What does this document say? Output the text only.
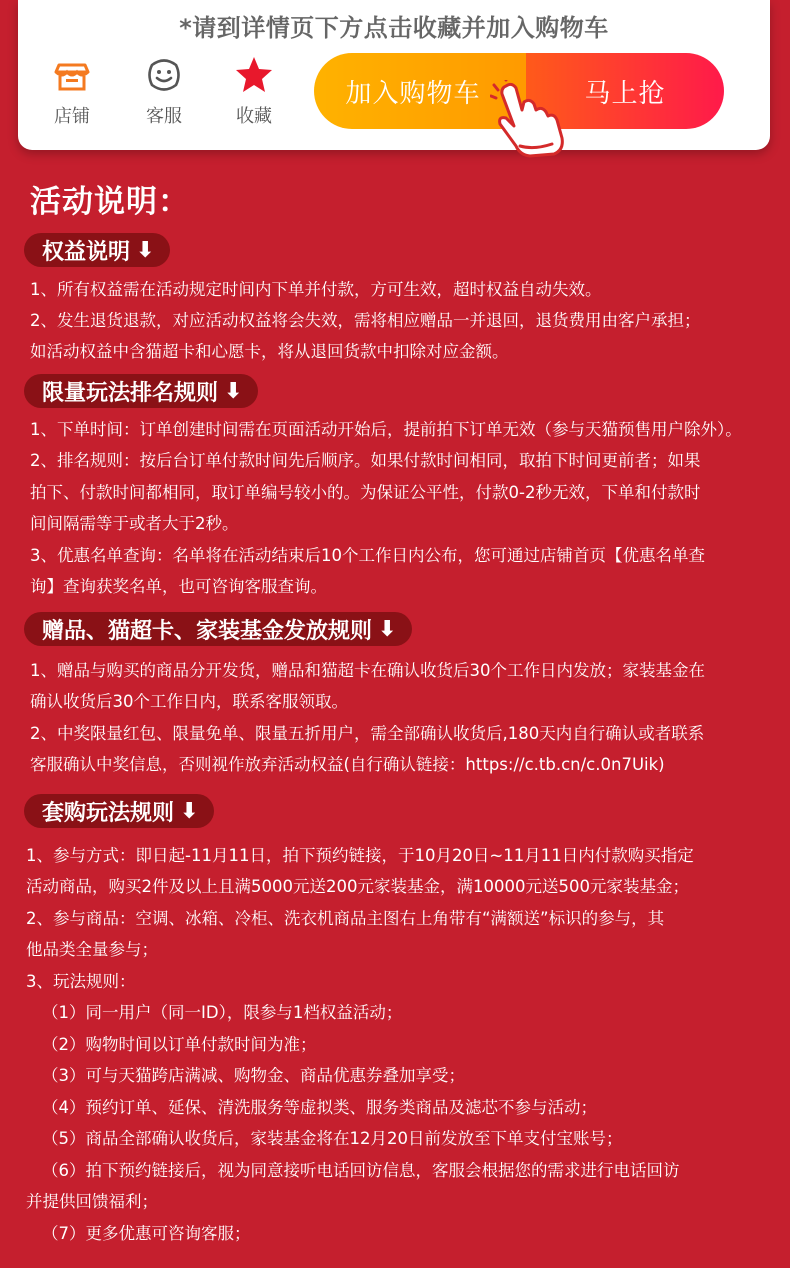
*请到详情页下方点击收藏并加入购物车
店铺	客服	收藏
加入购物车	马上抢
活动说明：
权益说明 ⬇
1、所有权益需在活动规定时间内下单并付款，方可生效，超时权益自动失效。
2、发生退货退款，对应活动权益将会失效，需将相应赠品一并退回，退货费用由客户承担；
如活动权益中含猫超卡和心愿卡，将从退回货款中扣除对应金额。
限量玩法排名规则 ⬇
1、下单时间：订单创建时间需在页面活动开始后，提前拍下订单无效（参与天猫预售用户除外）。
2、排名规则：按后台订单付款时间先后顺序。如果付款时间相同，取拍下时间更前者；如果
拍下、付款时间都相同，取订单编号较小的。为保证公平性，付款0-2秒无效，下单和付款时
间间隔需等于或者大于2秒。
3、优惠名单查询：名单将在活动结束后10个工作日内公布，您可通过店铺首页【优惠名单查
询】查询获奖名单，也可咨询客服查询。
赠品、猫超卡、家装基金发放规则 ⬇
1、赠品与购买的商品分开发货，赠品和猫超卡在确认收货后30个工作日内发放；家装基金在
确认收货后30个工作日内，联系客服领取。
2、中奖限量红包、限量免单、限量五折用户，需全部确认收货后,180天内自行确认或者联系
客服确认中奖信息，否则视作放弃活动权益(自行确认链接：https://c.tb.cn/c.0n7Uik)
套购玩法规则 ⬇
1、参与方式：即日起-11月11日，拍下预约链接，于10月20日~11月11日内付款购买指定
活动商品，购买2件及以上且满5000元送200元家装基金，满10000元送500元家装基金；
2、参与商品：空调、冰箱、冷柜、洗衣机商品主图右上角带有“满额送”标识的参与，其
他品类全量参与；
3、玩法规则：
（1）同一用户（同一ID），限参与1档权益活动；
（2）购物时间以订单付款时间为准；
（3）可与天猫跨店满减、购物金、商品优惠券叠加享受；
（4）预约订单、延保、清洗服务等虚拟类、服务类商品及滤芯不参与活动；
（5）商品全部确认收货后，家装基金将在12月20日前发放至下单支付宝账号；
（6）拍下预约链接后，视为同意接听电话回访信息，客服会根据您的需求进行电话回访
并提供回馈福利；
（7）更多优惠可咨询客服；
